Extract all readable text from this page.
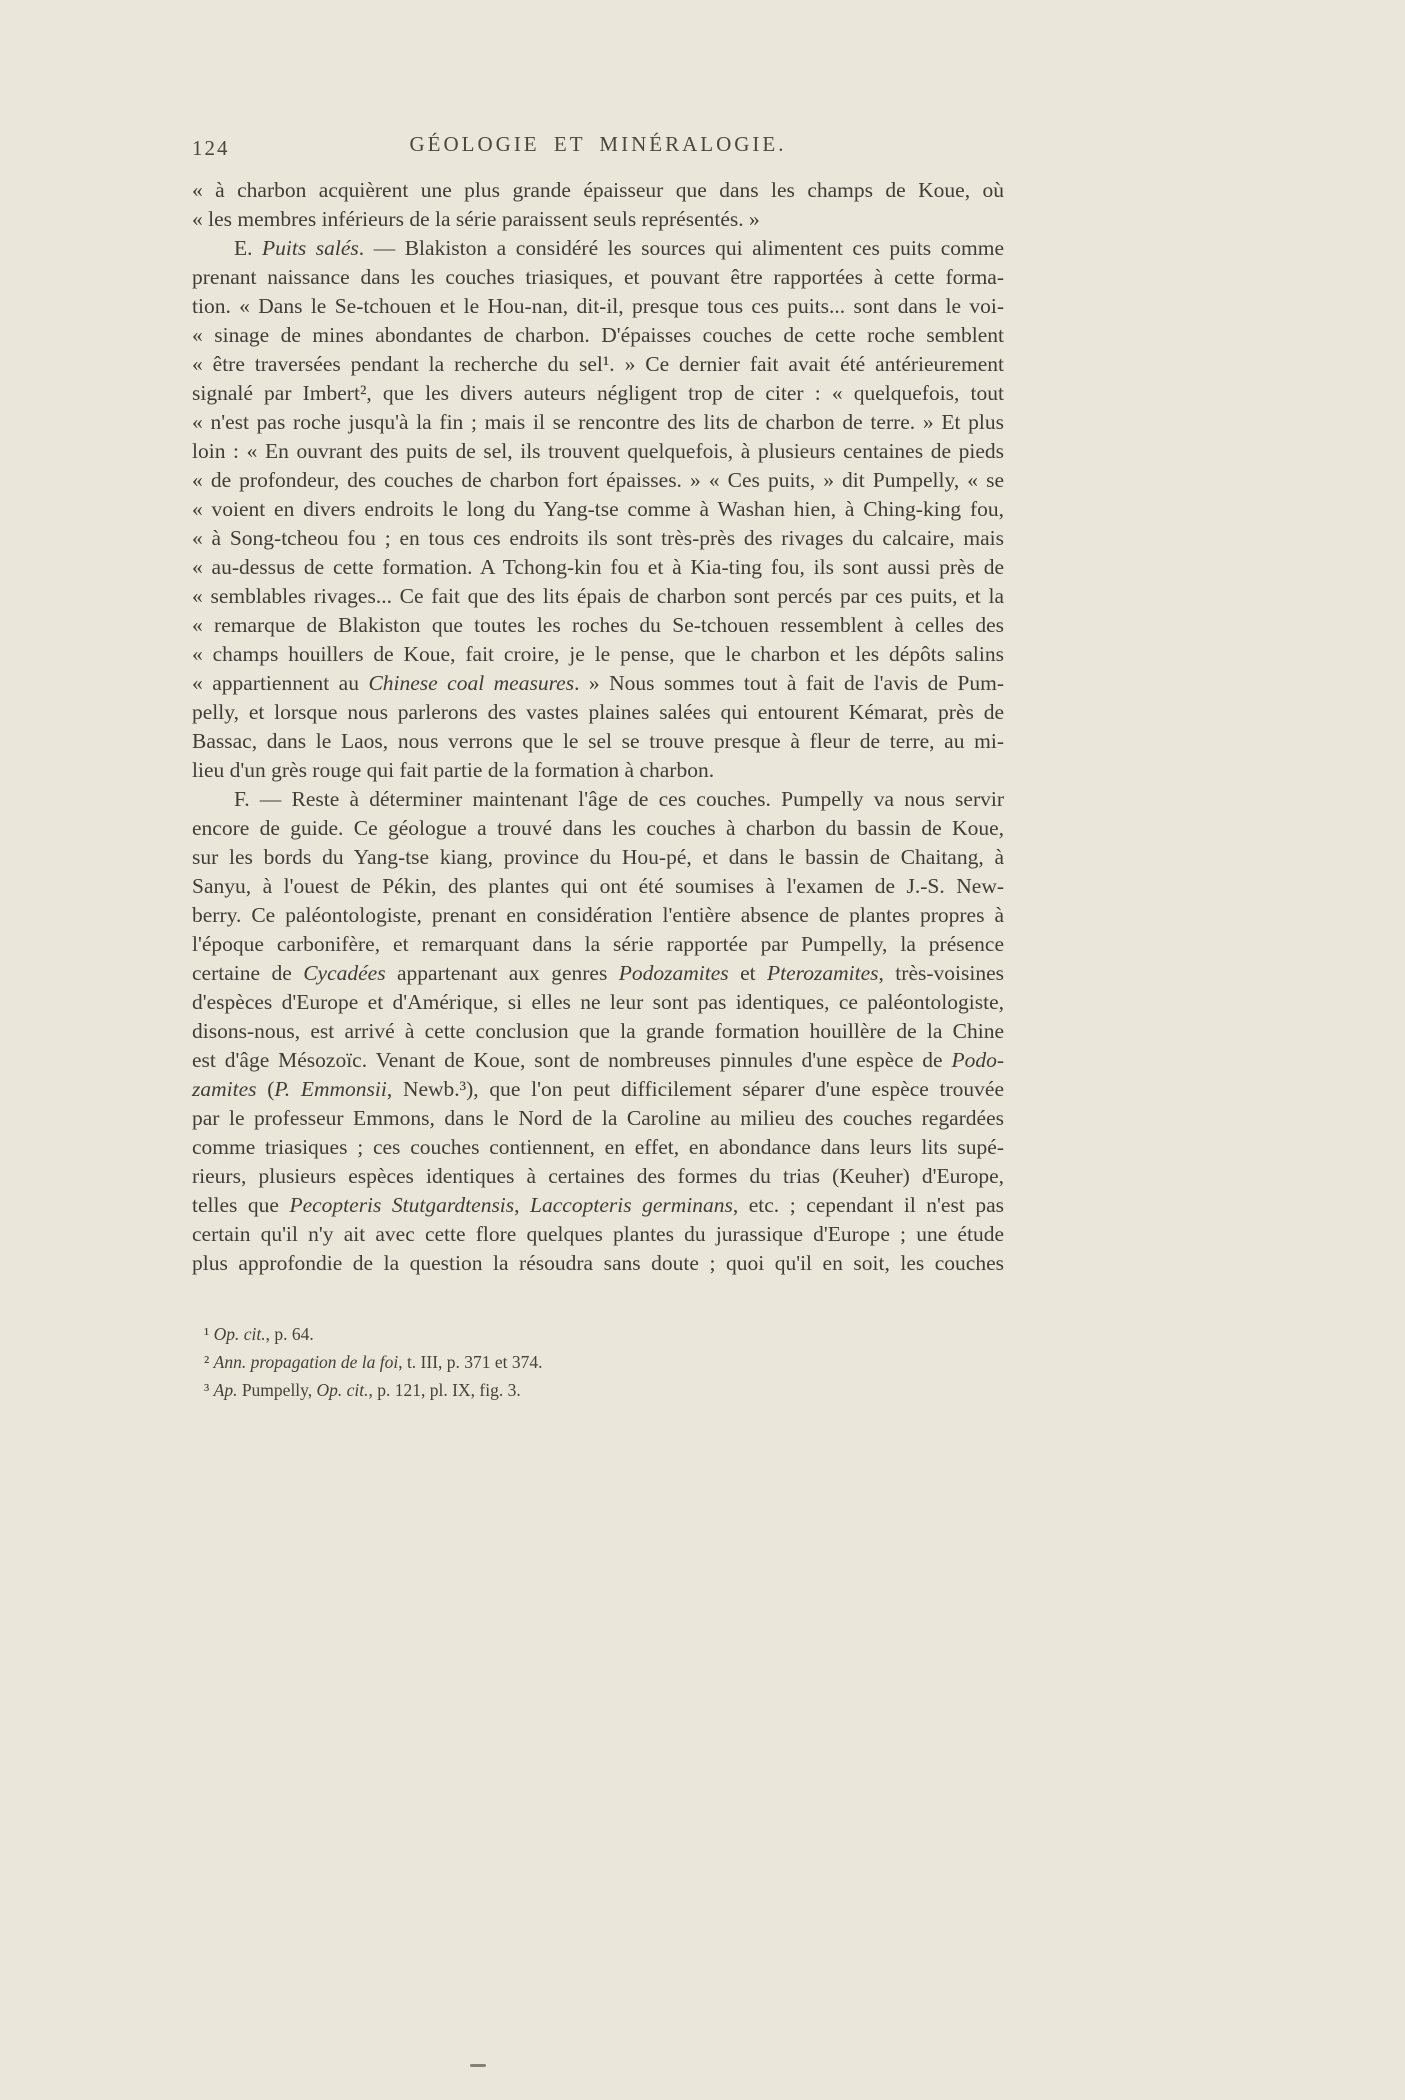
124	GÉOLOGIE ET MINÉRALOGIE.
« à charbon acquièrent une plus grande épaisseur que dans les champs de Koue, où
« les membres inférieurs de la série paraissent seuls représentés. »
E. Puits salés. — Blakiston a considéré les sources qui alimentent ces puits comme
prenant naissance dans les couches triasiques, et pouvant être rapportées à cette forma-
tion. « Dans le Se-tchouen et le Hou-nan, dit-il, presque tous ces puits... sont dans le voi-
« sinage de mines abondantes de charbon. D'épaisses couches de cette roche semblent
« être traversées pendant la recherche du sel¹. » Ce dernier fait avait été antérieurement
signalé par Imbert², que les divers auteurs négligent trop de citer : « quelquefois, tout
« n'est pas roche jusqu'à la fin ; mais il se rencontre des lits de charbon de terre. » Et plus
loin : « En ouvrant des puits de sel, ils trouvent quelquefois, à plusieurs centaines de pieds
« de profondeur, des couches de charbon fort épaisses. » « Ces puits, » dit Pumpelly, « se
« voient en divers endroits le long du Yang-tse comme à Washan hien, à Ching-king fou,
« à Song-tcheou fou ; en tous ces endroits ils sont très-près des rivages du calcaire, mais
« au-dessus de cette formation. A Tchong-kin fou et à Kia-ting fou, ils sont aussi près de
« semblables rivages... Ce fait que des lits épais de charbon sont percés par ces puits, et la
« remarque de Blakiston que toutes les roches du Se-tchouen ressemblent à celles des
« champs houillers de Koue, fait croire, je le pense, que le charbon et les dépôts salins
« appartiennent au Chinese coal measures. » Nous sommes tout à fait de l'avis de Pum-
pelly, et lorsque nous parlerons des vastes plaines salées qui entourent Kémarat, près de
Bassac, dans le Laos, nous verrons que le sel se trouve presque à fleur de terre, au mi-
lieu d'un grès rouge qui fait partie de la formation à charbon.
F. — Reste à déterminer maintenant l'âge de ces couches. Pumpelly va nous servir
encore de guide. Ce géologue a trouvé dans les couches à charbon du bassin de Koue,
sur les bords du Yang-tse kiang, province du Hou-pé, et dans le bassin de Chaitang, à
Sanyu, à l'ouest de Pékin, des plantes qui ont été soumises à l'examen de J.-S. New-
berry. Ce paléontologiste, prenant en considération l'entière absence de plantes propres à
l'époque carbonifère, et remarquant dans la série rapportée par Pumpelly, la présence
certaine de Cycadées appartenant aux genres Podozamites et Pterozamites, très-voisines
d'espèces d'Europe et d'Amérique, si elles ne leur sont pas identiques, ce paléontologiste,
disons-nous, est arrivé à cette conclusion que la grande formation houillère de la Chine
est d'âge Mésozoïc. Venant de Koue, sont de nombreuses pinnules d'une espèce de Podo-
zamites (P. Emmonsii, Newb.³), que l'on peut difficilement séparer d'une espèce trouvée
par le professeur Emmons, dans le Nord de la Caroline au milieu des couches regardées
comme triasiques ; ces couches contiennent, en effet, en abondance dans leurs lits supé-
rieurs, plusieurs espèces identiques à certaines des formes du trias (Keuher) d'Europe,
telles que Pecopteris Stutgardtensis, Laccopteris germinans, etc. ; cependant il n'est pas
certain qu'il n'y ait avec cette flore quelques plantes du jurassique d'Europe ; une étude
plus approfondie de la question la résoudra sans doute ; quoi qu'il en soit, les couches
¹ Op. cit., p. 64.
² Ann. propagation de la foi, t. III, p. 371 et 374.
³ Ap. Pumpelly, Op. cit., p. 121, pl. IX, fig. 3.
